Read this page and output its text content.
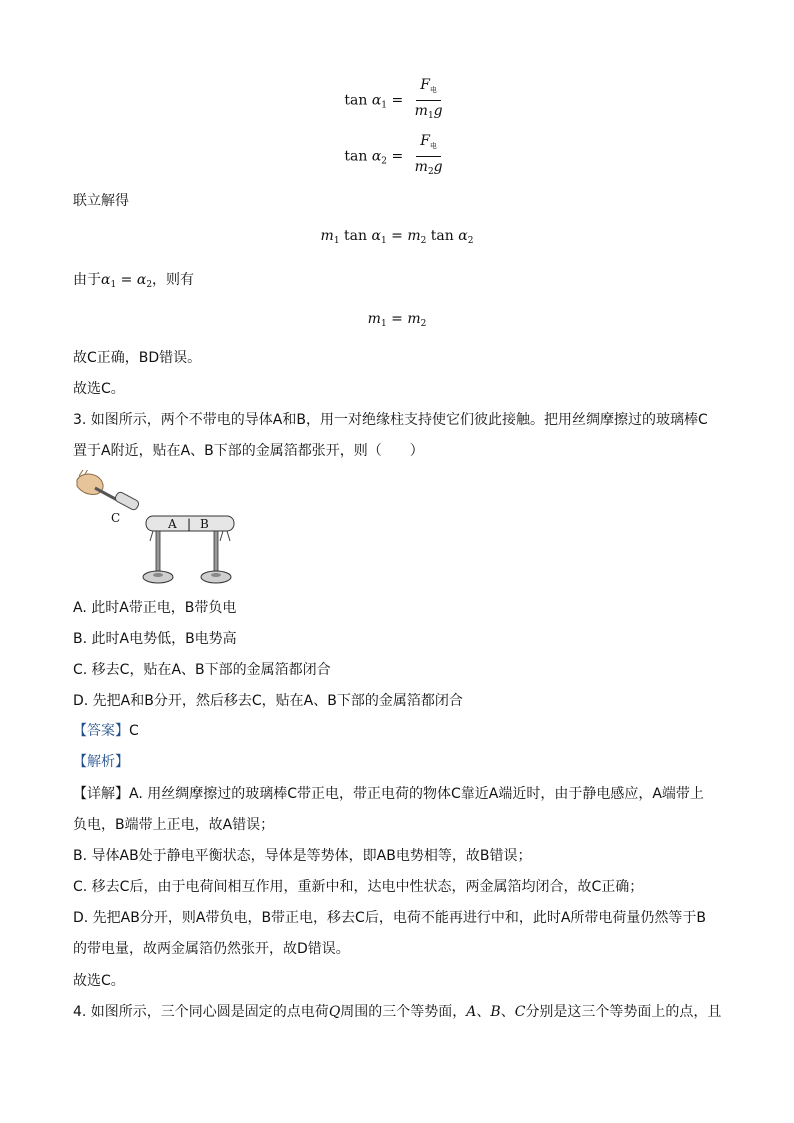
$\tan \alpha_1 = \frac{F_电}{m_1g}$
$\tan \alpha_2 = \frac{F_电}{m_2g}$
联立解得
$m_1$ $\tan \alpha_1 = m_2$ $\tan \alpha_2$
由于$\alpha_1 = \alpha_2$，则有
$m_1 = m_2$
故C正确，BD错误。
故选C。
3. 如图所示，两个不带电的导体A和B，用一对绝缘柱支持使它们彼此接触。把用丝绸摩擦过的玻璃棒C
置于A附近，贴在A、B下部的金属箔都张开，则（　　）
C	A | B
A. 此时A带正电，B带负电
B. 此时A电势低，B电势高
C. 移去C，贴在A、B下部的金属箔都闭合
D. 先把A和B分开，然后移去C，贴在A、B下部的金属箔都闭合
【答案】C
【解析】
【详解】A. 用丝绸摩擦过的玻璃棒C带正电，带正电荷的物体C靠近A端近时，由于静电感应，A端带上
负电，B端带上正电，故A错误；
B. 导体AB处于静电平衡状态，导体是等势体，即AB电势相等，故B错误；
C. 移去C后，由于电荷间相互作用，重新中和，达电中性状态，两金属箔均闭合，故C正确；
D. 先把AB分开，则A带负电，B带正电，移去C后，电荷不能再进行中和，此时A所带电荷量仍然等于B
的带电量，故两金属箔仍然张开，故D错误。
故选C。
4. 如图所示，三个同心圆是固定的点电荷Q周围的三个等势面，A、B、C分别是这三个等势面上的点，且
